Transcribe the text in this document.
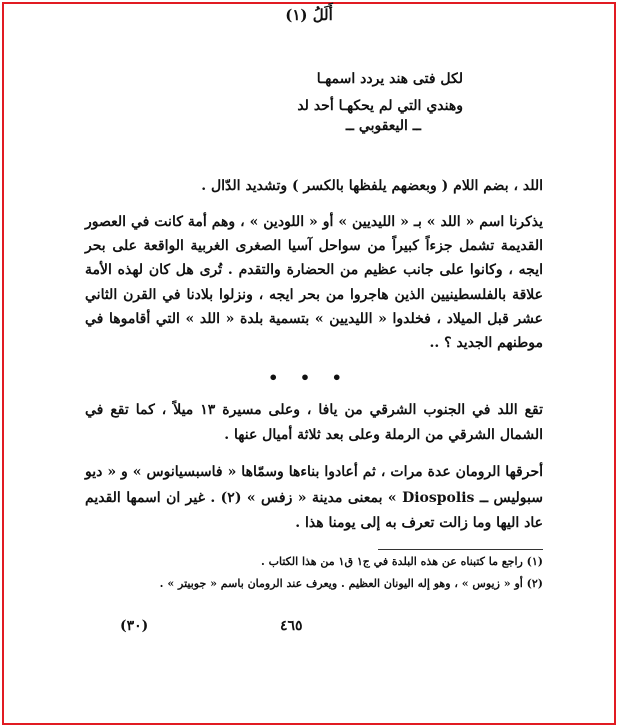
أَلَلُ (١)
لكل فتى هند يردد اسمهـا
وهندي التي لم يحكهـا أحد لد
ــ اليعقوبي ــ
اللد ، بضم اللام ( وبعضهم يلفظها بالكسر ) وتشديد الدّال .
يذكرنا اسم « اللد » بـ « الليديين » أو « اللودين » ، وهم أمة كانت في العصور القديمة تشمل جزءاً كبيراً من سواحل آسيا الصغرى الغربية الواقعة على بحر ايجه ، وكانوا على جانب عظيم من الحضارة والتقدم . تُرى هل كان لهذه الأمة علاقة بالفلسطينيين الذين هاجروا من بحر ايجه ، ونزلوا بلادنا في القرن الثاني عشر قبل الميلاد ، فخلدوا « الليديين » بتسمية بلدة « اللد » التي أقاموها في موطنهم الجديد ؟ ..
• • •
تقع اللد في الجنوب الشرقي من يافا ، وعلى مسيرة ١٣ ميلاً ، كما تقع في الشمال الشرقي من الرملة وعلى بعد ثلاثة أميال عنها .
أحرقها الرومان عدة مرات ، ثم أعادوا بناءها وسمّاها « فاسبسيانوس » و « ديو سبوليس ــ Diospolis » بمعنى مدينة « زفس » (٢) . غير ان اسمها القديم عاد اليها وما زالت تعرف به إلى يومنا هذا .
(١) راجع ما كتبناه عن هذه البلدة في ج١ ق١ من هذا الكتاب .
(٢) أو « زيوس » ، وهو إله اليونان العظيم . ويعرف عند الرومان باسم « جوبيتر » .
٤٦٥
(٣٠)
